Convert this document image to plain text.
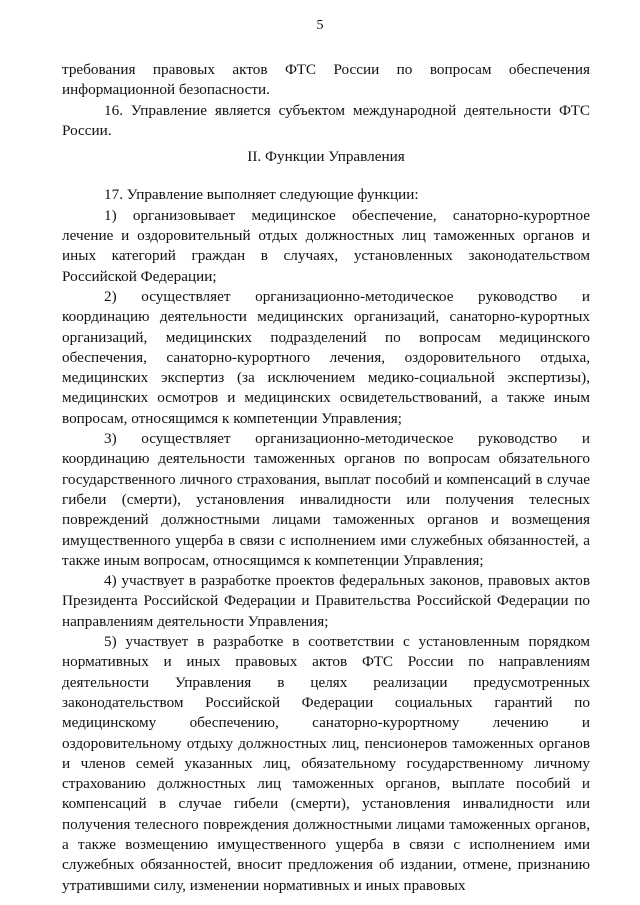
5

требования правовых актов ФТС России по вопросам обеспечения информационной безопасности.

16. Управление является субъектом международной деятельности ФТС России.

II. Функции Управления

17. Управление выполняет следующие функции:

1) организовывает медицинское обеспечение, санаторно-курортное лечение и оздоровительный отдых должностных лиц таможенных органов и иных категорий граждан в случаях, установленных законодательством Российской Федерации;

2) осуществляет организационно-методическое руководство и координацию деятельности медицинских организаций, санаторно-курортных организаций, медицинских подразделений по вопросам медицинского обеспечения, санаторно-курортного лечения, оздоровительного отдыха, медицинских экспертиз (за исключением медико-социальной экспертизы), медицинских осмотров и медицинских освидетельствований, а также иным вопросам, относящимся к компетенции Управления;

3) осуществляет организационно-методическое руководство и координацию деятельности таможенных органов по вопросам обязательного государственного личного страхования, выплат пособий и компенсаций в случае гибели (смерти), установления инвалидности или получения телесных повреждений должностными лицами таможенных органов и возмещения имущественного ущерба в связи с исполнением ими служебных обязанностей, а также иным вопросам, относящимся к компетенции Управления;

4) участвует в разработке проектов федеральных законов, правовых актов Президента Российской Федерации и Правительства Российской Федерации по направлениям деятельности Управления;

5) участвует в разработке в соответствии с установленным порядком нормативных и иных правовых актов ФТС России по направлениям деятельности Управления в целях реализации предусмотренных законодательством Российской Федерации социальных гарантий по медицинскому обеспечению, санаторно-курортному лечению и оздоровительному отдыху должностных лиц, пенсионеров таможенных органов и членов семей указанных лиц, обязательному государственному личному страхованию должностных лиц таможенных органов, выплате пособий и компенсаций в случае гибели (смерти), установления инвалидности или получения телесного повреждения должностными лицами таможенных органов, а также возмещению имущественного ущерба в связи с исполнением ими служебных обязанностей, вносит предложения об издании, отмене, признанию утратившими силу, изменении нормативных и иных правовых
